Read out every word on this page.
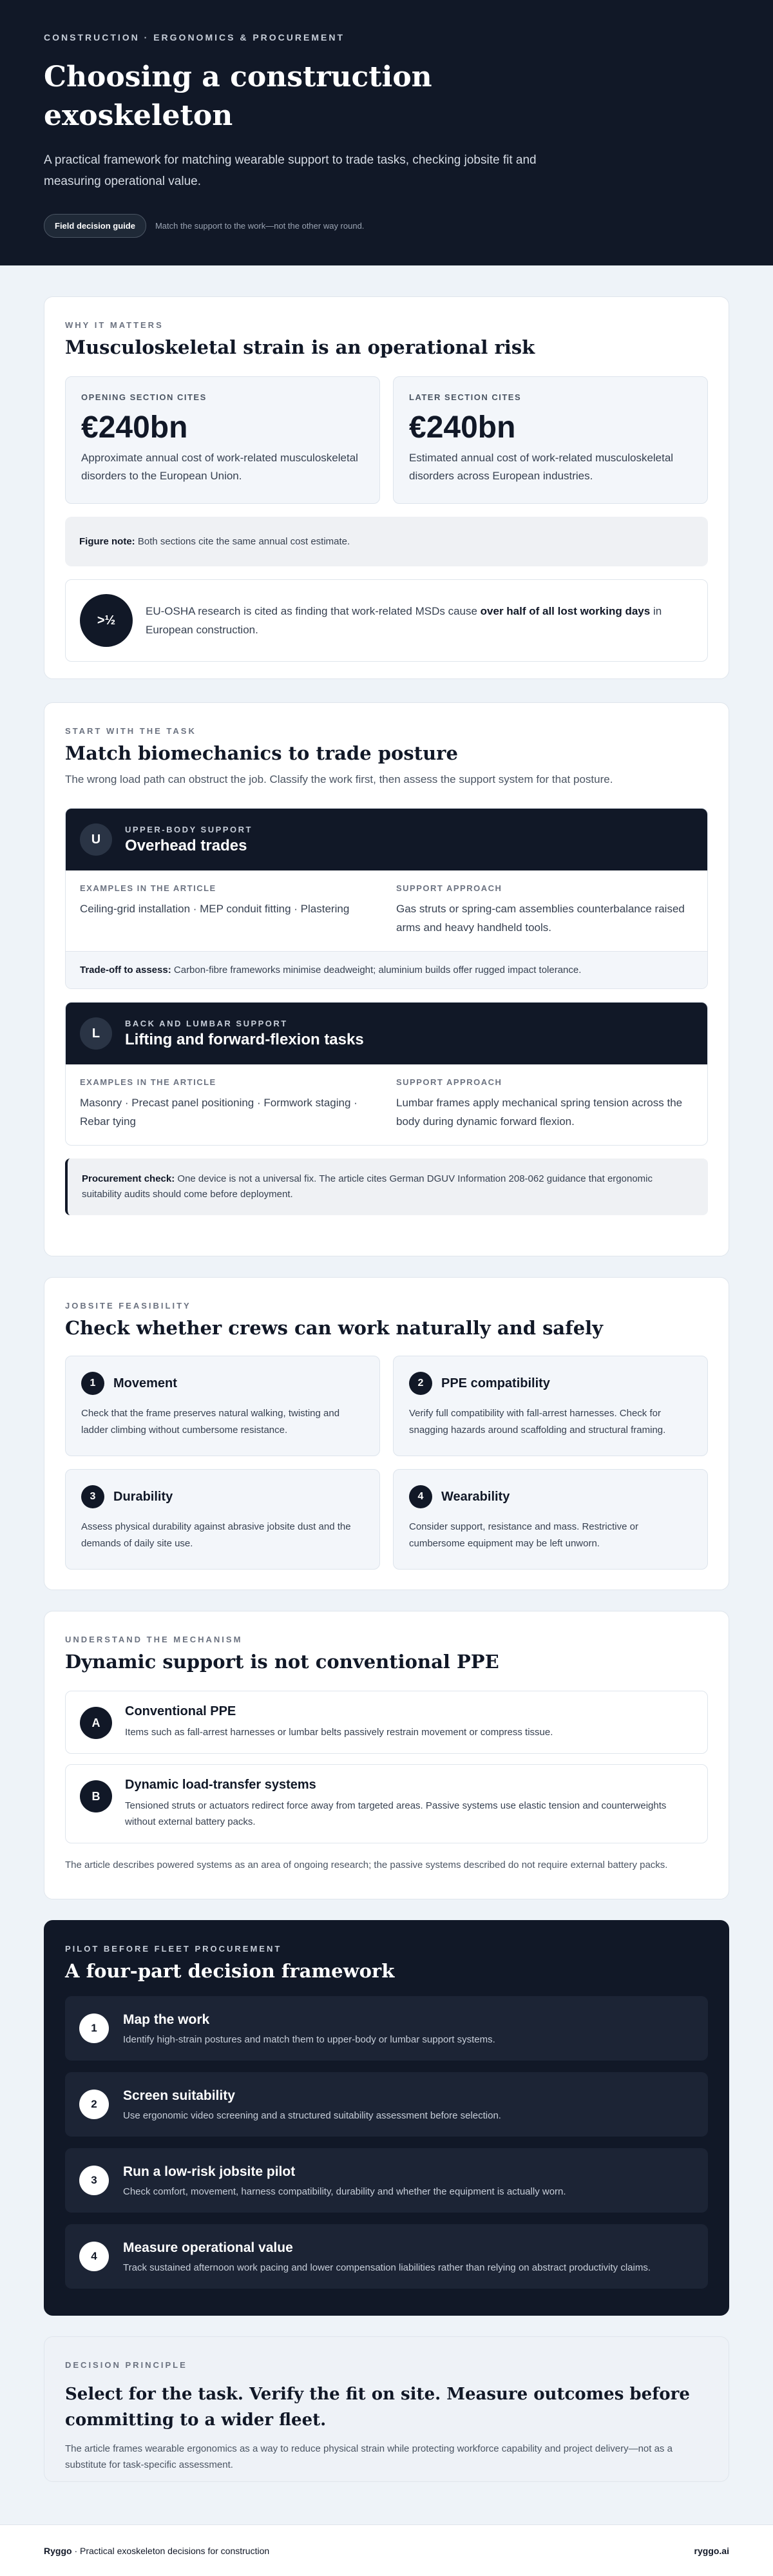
CONSTRUCTION · ERGONOMICS & PROCUREMENT
Choosing a construction exoskeleton

A practical framework for matching wearable support to trade tasks, checking jobsite fit and measuring operational value.

Field decision guide	Match the support to the work—not the other way round.
WHY IT MATTERS
Musculoskeletal strain is an operational risk
OPENING SECTION CITES
€240bn
Approximate annual cost of work-related musculoskeletal disorders to the European Union.
LATER SECTION CITES
€240bn
Estimated annual cost of work-related musculoskeletal disorders across European industries.
Figure note: Both sections cite the same annual cost estimate.
>½
EU-OSHA research is cited as finding that work-related MSDs cause over half of all lost working days in European construction.
START WITH THE TASK
Match biomechanics to trade posture

The wrong load path can obstruct the job. Classify the work first, then assess the support system for that posture.

U
UPPER-BODY SUPPORT
Overhead trades
EXAMPLES IN THE ARTICLE
Ceiling-grid installation · MEP conduit fitting · Plastering
SUPPORT APPROACH
Gas struts or spring-cam assemblies counterbalance raised arms and heavy handheld tools.
Trade-off to assess: Carbon-fibre frameworks minimise deadweight; aluminium builds offer rugged impact tolerance.
L
BACK AND LUMBAR SUPPORT
Lifting and forward-flexion tasks
EXAMPLES IN THE ARTICLE
Masonry · Precast panel positioning · Formwork staging · Rebar tying
SUPPORT APPROACH
Lumbar frames apply mechanical spring tension across the body during dynamic forward flexion.
Procurement check: One device is not a universal fix. The article cites German DGUV Information 208-062 guidance that ergonomic suitability audits should come before deployment.
JOBSITE FEASIBILITY
Check whether crews can work naturally and safely
1	Movement
Check that the frame preserves natural walking, twisting and ladder climbing without cumbersome resistance.
2	PPE compatibility
Verify full compatibility with fall-arrest harnesses. Check for snagging hazards around scaffolding and structural framing.
3	Durability
Assess physical durability against abrasive jobsite dust and the demands of daily site use.
4	Wearability
Consider support, resistance and mass. Restrictive or cumbersome equipment may be left unworn.
UNDERSTAND THE MECHANISM
Dynamic support is not conventional PPE
A
Conventional PPE
Items such as fall-arrest harnesses or lumbar belts passively restrain movement or compress tissue.
B
Dynamic load-transfer systems
Tensioned struts or actuators redirect force away from targeted areas. Passive systems use elastic tension and counterweights without external battery packs.

The article describes powered systems as an area of ongoing research; the passive systems described do not require external battery packs.

PILOT BEFORE FLEET PROCUREMENT
A four-part decision framework
1
Map the work
Identify high-strain postures and match them to upper-body or lumbar support systems.
2
Screen suitability
Use ergonomic video screening and a structured suitability assessment before selection.
3
Run a low-risk jobsite pilot
Check comfort, movement, harness compatibility, durability and whether the equipment is actually worn.
4
Measure operational value
Track sustained afternoon work pacing and lower compensation liabilities rather than relying on abstract productivity claims.
DECISION PRINCIPLE
Select for the task. Verify the fit on site. Measure outcomes before committing to a wider fleet.

The article frames wearable ergonomics as a way to reduce physical strain while protecting workforce capability and project delivery—not as a substitute for task-specific assessment.

Ryggo · Practical exoskeleton decisions for construction	ryggo.ai
